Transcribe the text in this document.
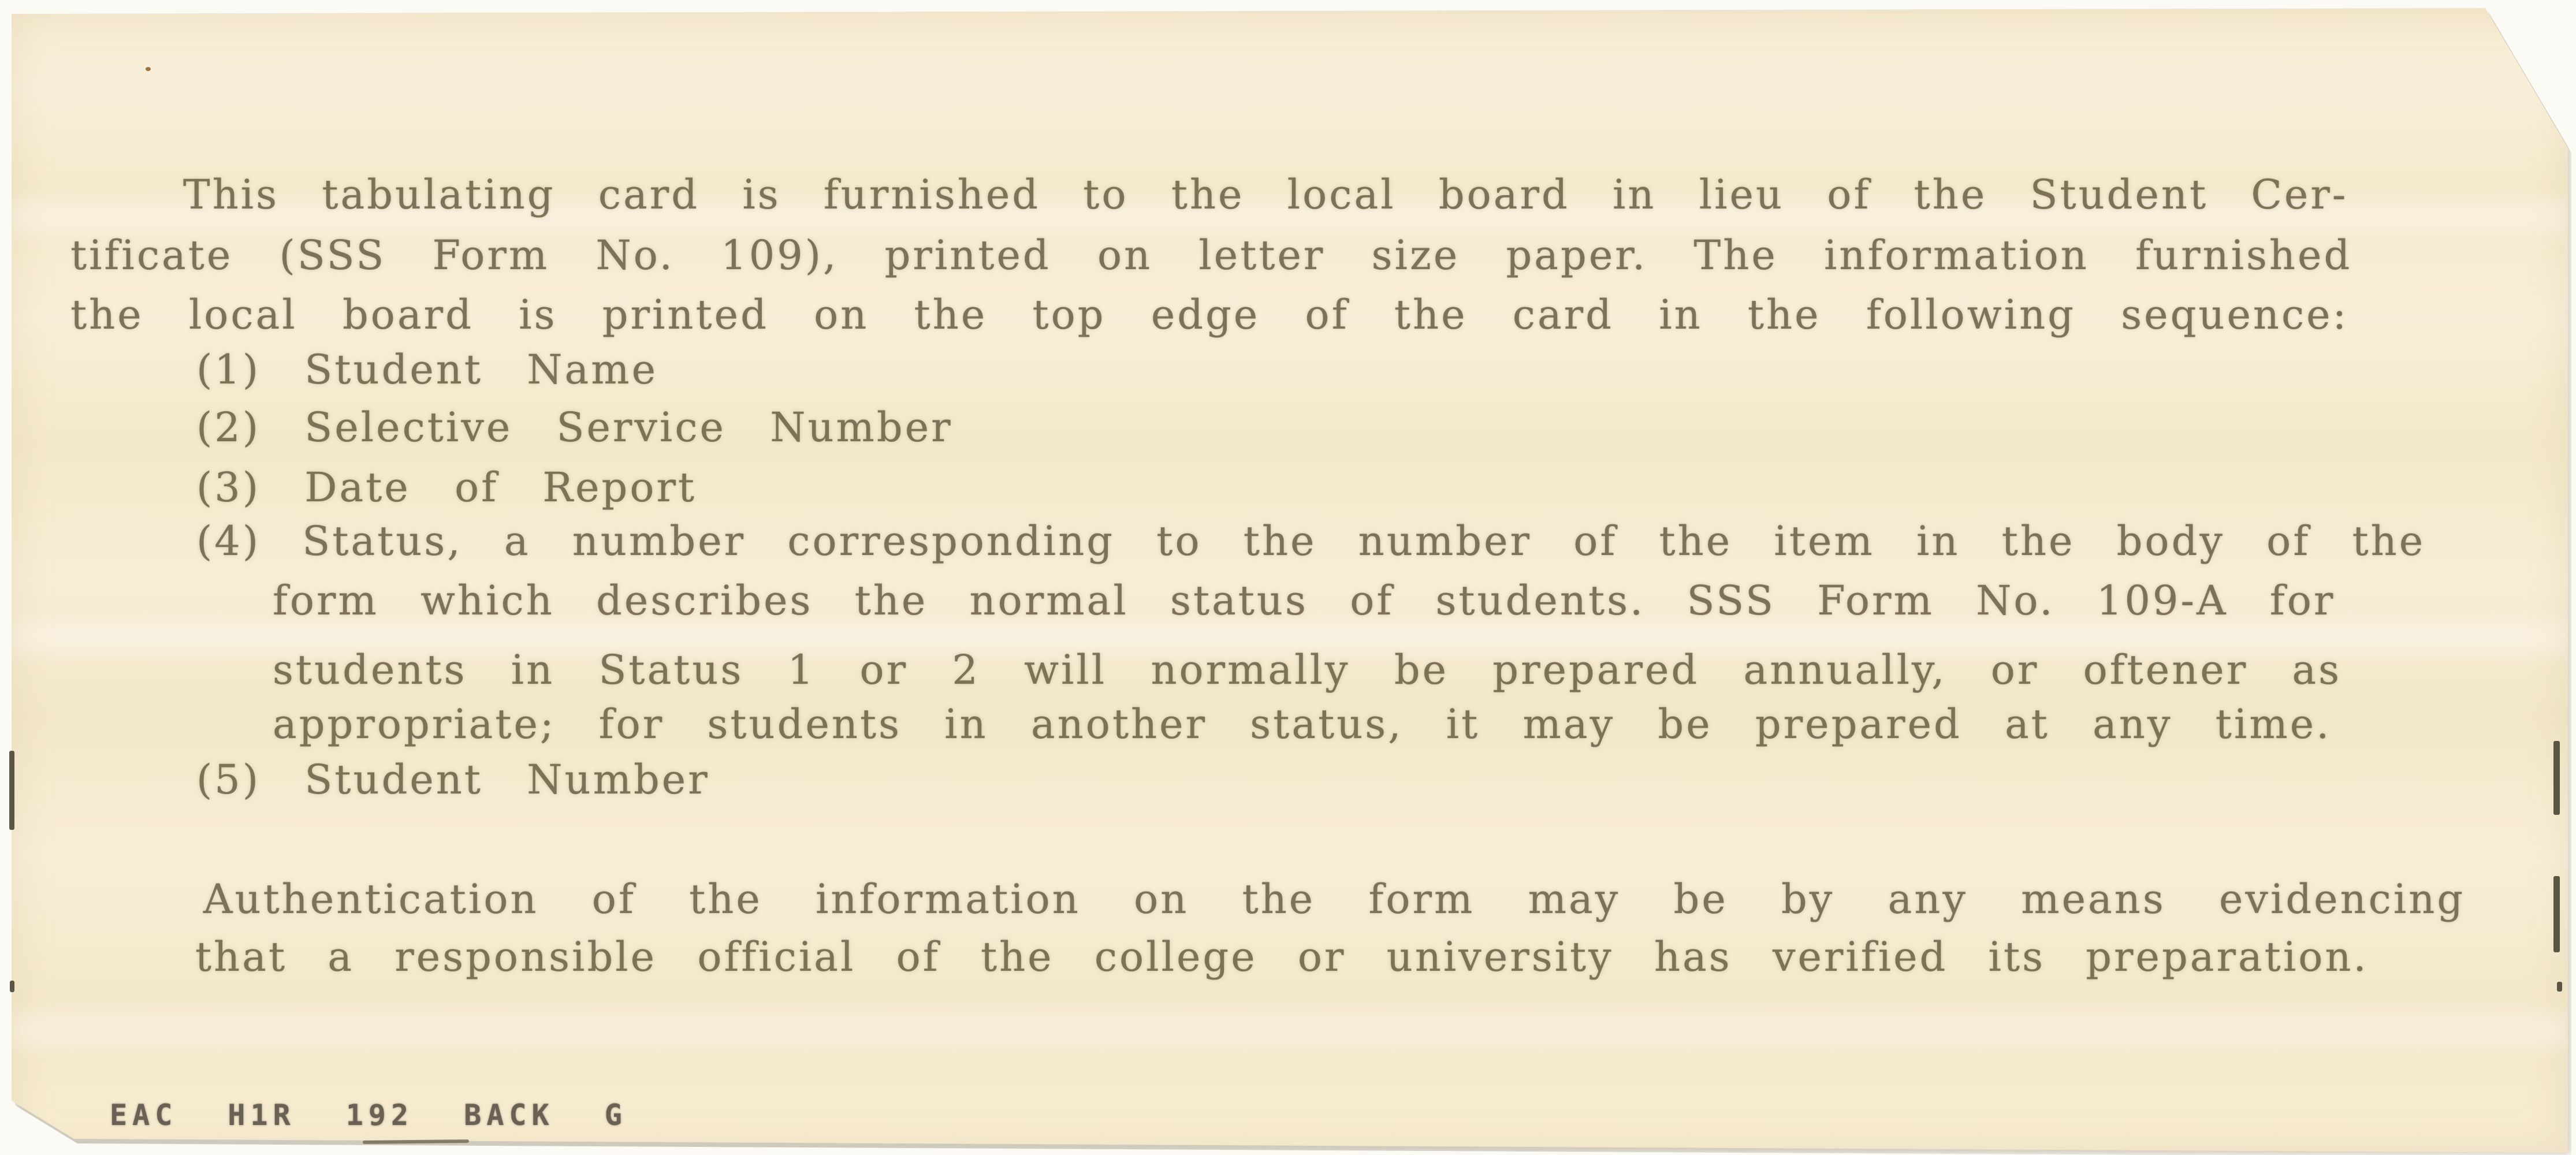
This tabulating card is furnished to the local board in lieu of the Student Cer-
tificate (SSS Form No. 109), printed on letter size paper. The information furnished
the local board is printed on the top edge of the card in the following sequence:
(1) Student Name
(2) Selective Service Number
(3) Date of Report
(4) Status, a number corresponding to the number of the item in the body of the
form which describes the normal status of students. SSS Form No. 109-A for
students in Status 1 or 2 will normally be prepared annually, or oftener as
appropriate; for students in another status, it may be prepared at any time.
(5) Student Number
Authentication of the information on the form may be by any means evidencing
that a responsible official of the college or university has verified its preparation.
EAC H1R 192 BACK G
